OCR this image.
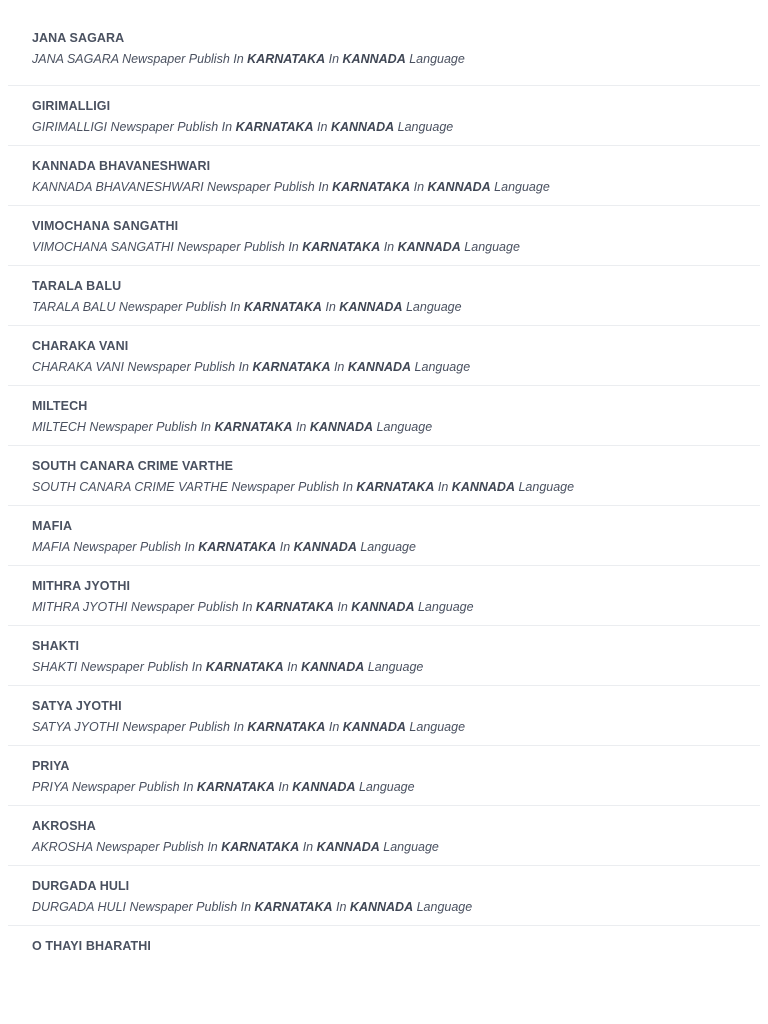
JANA SAGARA
JANA SAGARA Newspaper Publish In KARNATAKA In KANNADA Language
GIRIMALLIGI
GIRIMALLIGI Newspaper Publish In KARNATAKA In KANNADA Language
KANNADA BHAVANESHWARI
KANNADA BHAVANESHWARI Newspaper Publish In KARNATAKA In KANNADA Language
VIMOCHANA SANGATHI
VIMOCHANA SANGATHI Newspaper Publish In KARNATAKA In KANNADA Language
TARALA BALU
TARALA BALU Newspaper Publish In KARNATAKA In KANNADA Language
CHARAKA VANI
CHARAKA VANI Newspaper Publish In KARNATAKA In KANNADA Language
MILTECH
MILTECH Newspaper Publish In KARNATAKA In KANNADA Language
SOUTH CANARA CRIME VARTHE
SOUTH CANARA CRIME VARTHE Newspaper Publish In KARNATAKA In KANNADA Language
MAFIA
MAFIA Newspaper Publish In KARNATAKA In KANNADA Language
MITHRA JYOTHI
MITHRA JYOTHI Newspaper Publish In KARNATAKA In KANNADA Language
SHAKTI
SHAKTI Newspaper Publish In KARNATAKA In KANNADA Language
SATYA JYOTHI
SATYA JYOTHI Newspaper Publish In KARNATAKA In KANNADA Language
PRIYA
PRIYA Newspaper Publish In KARNATAKA In KANNADA Language
AKROSHA
AKROSHA Newspaper Publish In KARNATAKA In KANNADA Language
DURGADA HULI
DURGADA HULI Newspaper Publish In KARNATAKA In KANNADA Language
O THAYI BHARATHI
